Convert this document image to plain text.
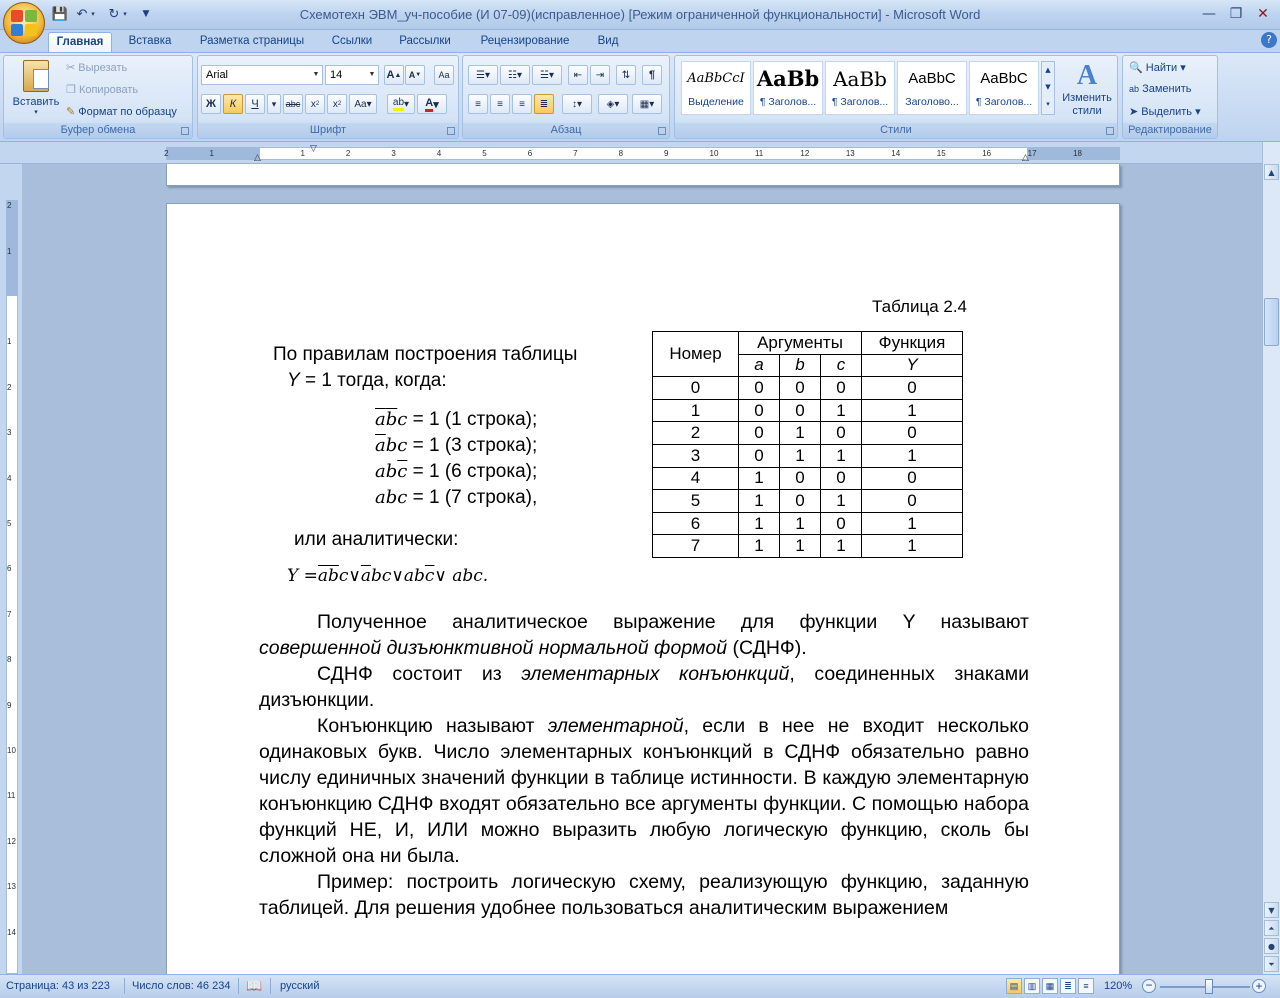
💾 ↶ ▾	↻ ▾	▼	Схемотехн ЭВМ_уч-пособие (И 07-09)(исправленное) [Режим ограниченной функциональности] - Microsoft Word	— ❐	✕
Главная	Вставка	Разметка страницы	Ссылки	Рассылки	Рецензирование	Вид	?
Вставить
▾
✂ Вырезать
❐ Копировать
✎ Формат по образцу
Буфер обмена
Arial	▼ 14	▼ A ▲ A ▼	Aa
Ж	К	Ч	▾	abc	x 2	x 2	Aa▾	ab ▾	A ▾
Шрифт
☰▾	☷▾	☱▾	⇤	⇥	⇅	¶
≡	≡	≡	≣	↕▾	◈▾	▦▾
Абзац
AaBbCcI
Выделение
AaBb
¶ Заголов...
AaBb
¶ Заголов...
AaBbC
Заголово...
AaBbC
¶ Заголов...
▲
▼
▾
A
Изменить стили
Стили
🔍 Найти ▾
ab Заменить
➤ Выделить ▾
Редактирование
2	1	1	2	3	4	5	6	7	8	9	10	11	12	13	14	15	16	17	18
▽
△	△
2
1
1
2
3
4
5
6
7
8
9
10
11
12
13
14
▲
▼
⏶
●
⏷
Таблица 2.4
Номер	Аргументы			Функция
	a	b	c	Y
0	0	0	0	0
1	0	0	1	1
2	0	1	0	0
3	0	1	1	1
4	1	0	0	0
5	1	0	1	0
6	1	1	0	1
7	1	1	1	1
По правилам построения таблицы
Y = 1 тогда, когда:
$\overline{a}\overline{b}c = 1$ (1 строка);
$\overline{a}bc = 1$ (3 строка);
$ab\overline{c} = 1$ (6 строка);
abc = 1 (7 строка),
или аналитически:
$Y =\overline{a}\overline{b}c\vee\overline{a}bc\vee ab\overline{c}\vee$ abc.

Полученное аналитическое выражение для функции Y называют совершенной дизъюнктивной нормальной формой (СДНФ).

СДНФ состоит из элементарных конъюнкций, соединенных знаками дизъюнкции.

Конъюнкцию называют элементарной, если в нее не входит несколько одинаковых букв. Число элементарных конъюнкций в СДНФ обязательно равно числу единичных значений функции в таблице истинности. В каждую элементарную конъюнкцию СДНФ входят обязательно все аргументы функции. С помощью набора функций НЕ, И, ИЛИ можно выразить любую логическую функцию, сколь бы сложной она ни была.

Пример: построить логическую схему, реализующую функцию, заданную таблицей. Для решения удобнее пользоваться аналитическим выражением

Страница: 43 из 223 Число слов: 46 234 📖 русский	▤	▥	▦	≣	≡	120% −	+
